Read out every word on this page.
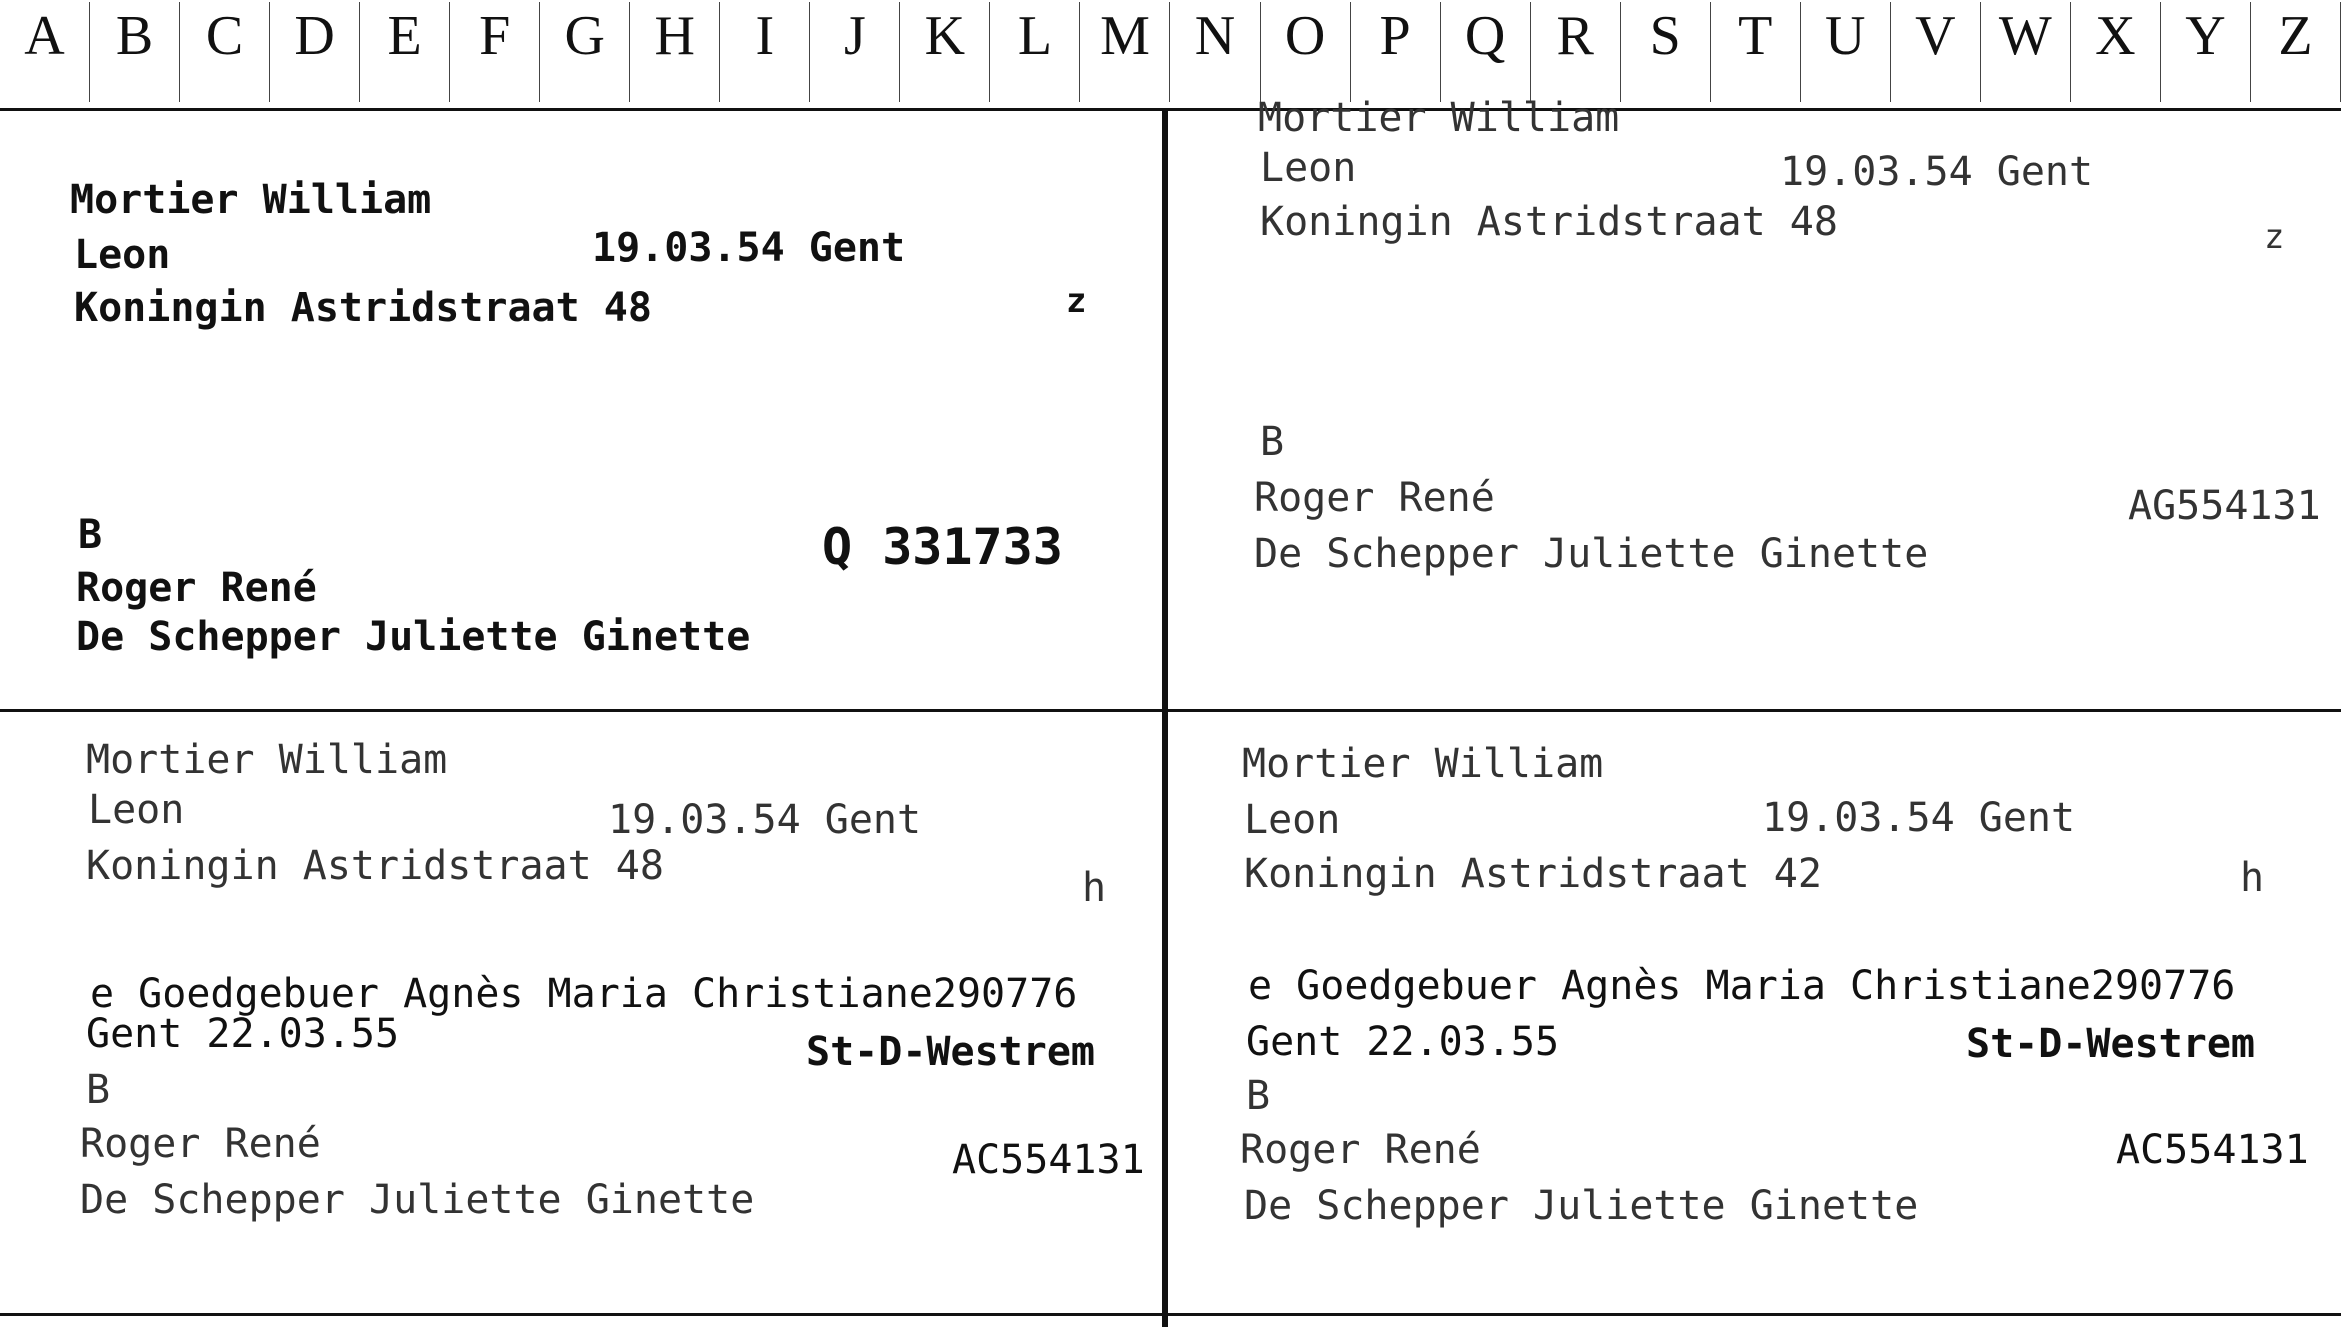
A B C D E	F G H	I	J	K L M N O P Q R S	T U V W X Y Z
Mortier William
Leon	19.03.54 Gent
Koningin Astridstraat 48	z
B
Roger René
De Schepper Juliette Ginette
Q 331733
Mortier William
Leon	19.03.54 Gent
Koningin Astridstraat 48	z
B
Roger René
De Schepper Juliette Ginette
AG554131
Mortier William
Leon	19.03.54 Gent
Koningin Astridstraat 48	h
e Goedgebuer Agnès Maria Christiane290776
Gent 22.03.55	St-D-Westrem
B
Roger René
De Schepper Juliette Ginette
AC554131
Mortier William
Leon	19.03.54 Gent
Koningin Astridstraat 42	h
e Goedgebuer Agnès Maria Christiane290776
Gent 22.03.55	St-D-Westrem
B
Roger René
De Schepper Juliette Ginette
AC554131
